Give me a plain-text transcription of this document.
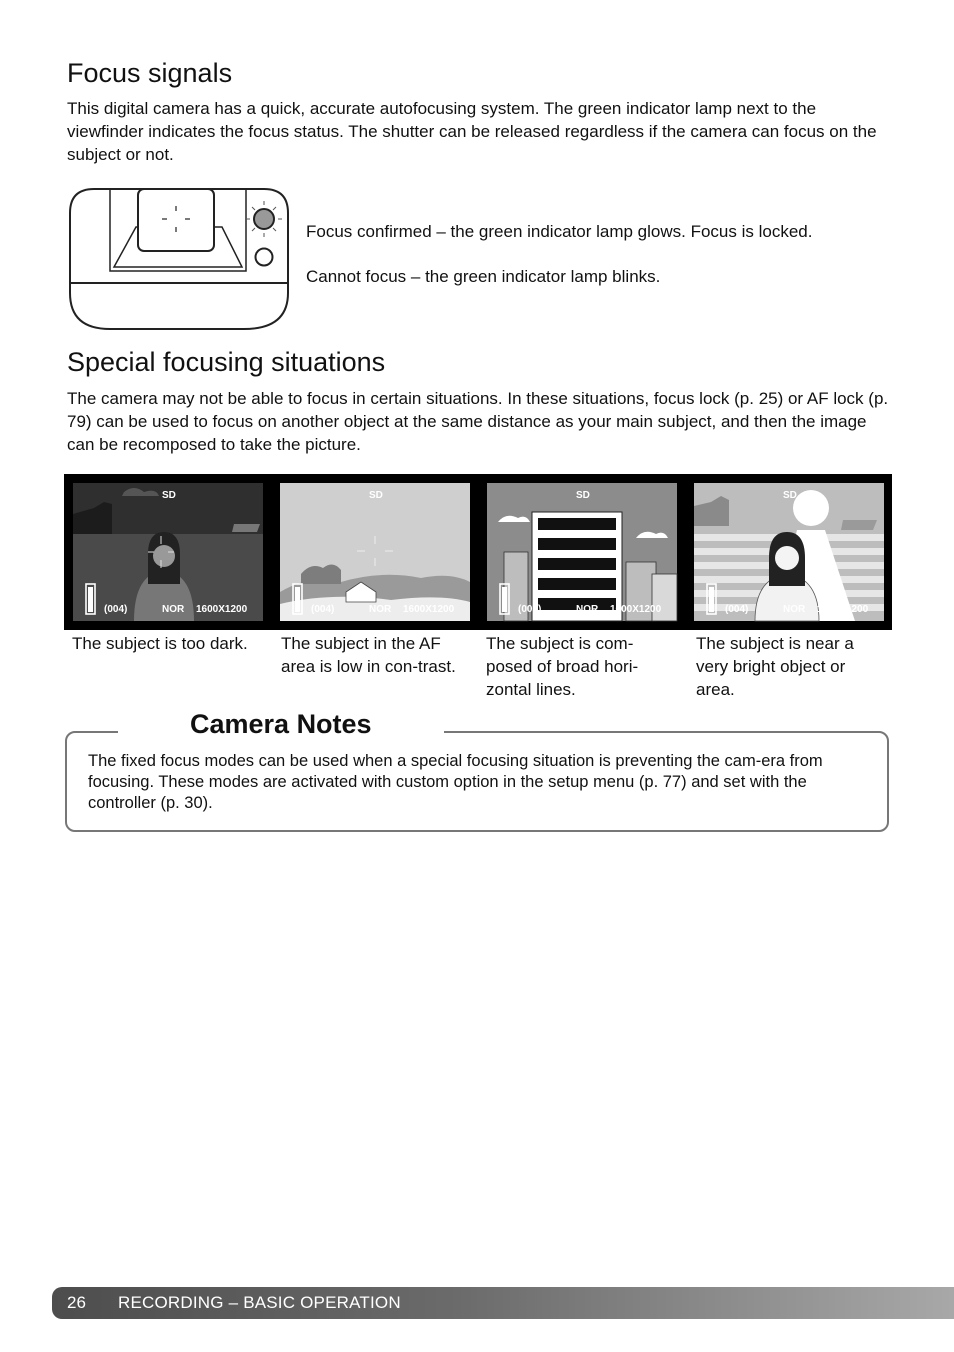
Focus signals

This digital camera has a quick, accurate autofocusing system. The green indicator lamp next to the viewfinder indicates the focus status. The shutter can be released regardless if the camera can focus on the subject or not.

Focus confirmed – the green indicator lamp glows. Focus is locked.

Cannot focus – the green indicator lamp blinks.

Special focusing situations

The camera may not be able to focus in certain situations. In these situations, focus lock (p. 25) or AF lock (p. 79) can be used to focus on another object at the same distance as your main subject, and then the image can be recomposed to take the picture.

SD
(004)	NOR 1600X1200
SD
(004)	NOR 1600X1200
SD
(004)	NOR 1600X1200
SD
(004)	NOR 1600X1200

The subject is too dark.	The subject in the AF area is low in con-trast.

The subject is com-posed of broad hori-zontal lines.

The subject is near a very bright object or area.

Camera Notes

The fixed focus modes can be used when a special focusing situation is preventing the cam-era from focusing. These modes are activated with custom option in the setup menu (p. 77) and set with the controller (p. 30).

26 RECORDING – BASIC OPERATION
